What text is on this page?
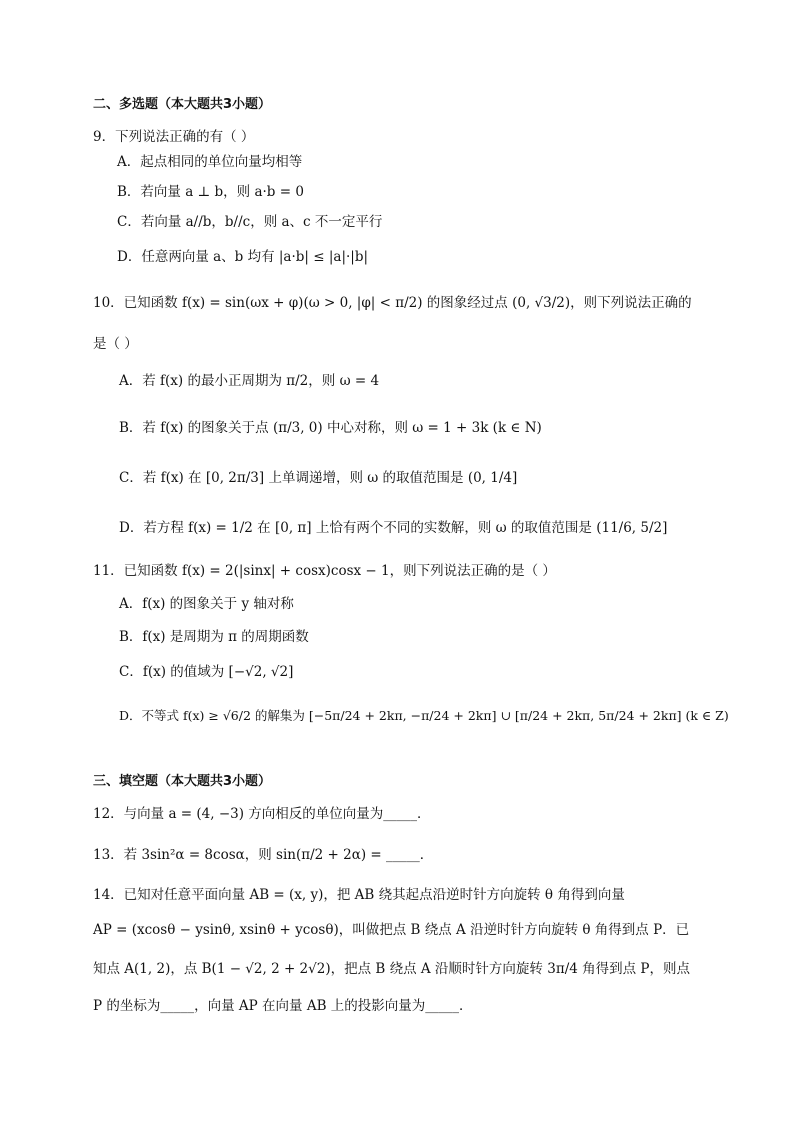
二、多选题（本大题共3小题）
9．下列说法正确的有（ ）
A．起点相同的单位向量均相等
B．若向量 a ⊥ b，则 a·b = 0
C．若向量 a//b，b//c，则 a、c 不一定平行
D．任意两向量 a、b 均有 |a·b| ≤ |a|·|b|
10．已知函数 f(x) = sin(ωx + φ)(ω > 0, |φ| < π/2) 的图象经过点 (0, √3/2)，则下列说法正确的
是（ ）
A．若 f(x) 的最小正周期为 π/2，则 ω = 4
B．若 f(x) 的图象关于点 (π/3, 0) 中心对称，则 ω = 1 + 3k (k ∈ N)
C．若 f(x) 在 [0, 2π/3] 上单调递增，则 ω 的取值范围是 (0, 1/4]
D．若方程 f(x) = 1/2 在 [0, π] 上恰有两个不同的实数解，则 ω 的取值范围是 (11/6, 5/2]
11．已知函数 f(x) = 2(|sinx| + cosx)cosx − 1，则下列说法正确的是（ ）
A．f(x) 的图象关于 y 轴对称
B．f(x) 是周期为 π 的周期函数
C．f(x) 的值域为 [−√2, √2]
D．不等式 f(x) ≥ √6/2 的解集为 [−5π/24 + 2kπ, −π/24 + 2kπ] ∪ [π/24 + 2kπ, 5π/24 + 2kπ] (k ∈ Z)
三、填空题（本大题共3小题）
12．与向量 a = (4, −3) 方向相反的单位向量为_____．
13．若 3sin²α = 8cosα，则 sin(π/2 + 2α) = _____．
14．已知对任意平面向量 AB = (x, y)，把 AB 绕其起点沿逆时针方向旋转 θ 角得到向量
AP = (xcosθ − ysinθ, xsinθ + ycosθ)，叫做把点 B 绕点 A 沿逆时针方向旋转 θ 角得到点 P．已
知点 A(1, 2)，点 B(1 − √2, 2 + 2√2)，把点 B 绕点 A 沿顺时针方向旋转 3π/4 角得到点 P，则点
P 的坐标为_____，向量 AP 在向量 AB 上的投影向量为_____．
